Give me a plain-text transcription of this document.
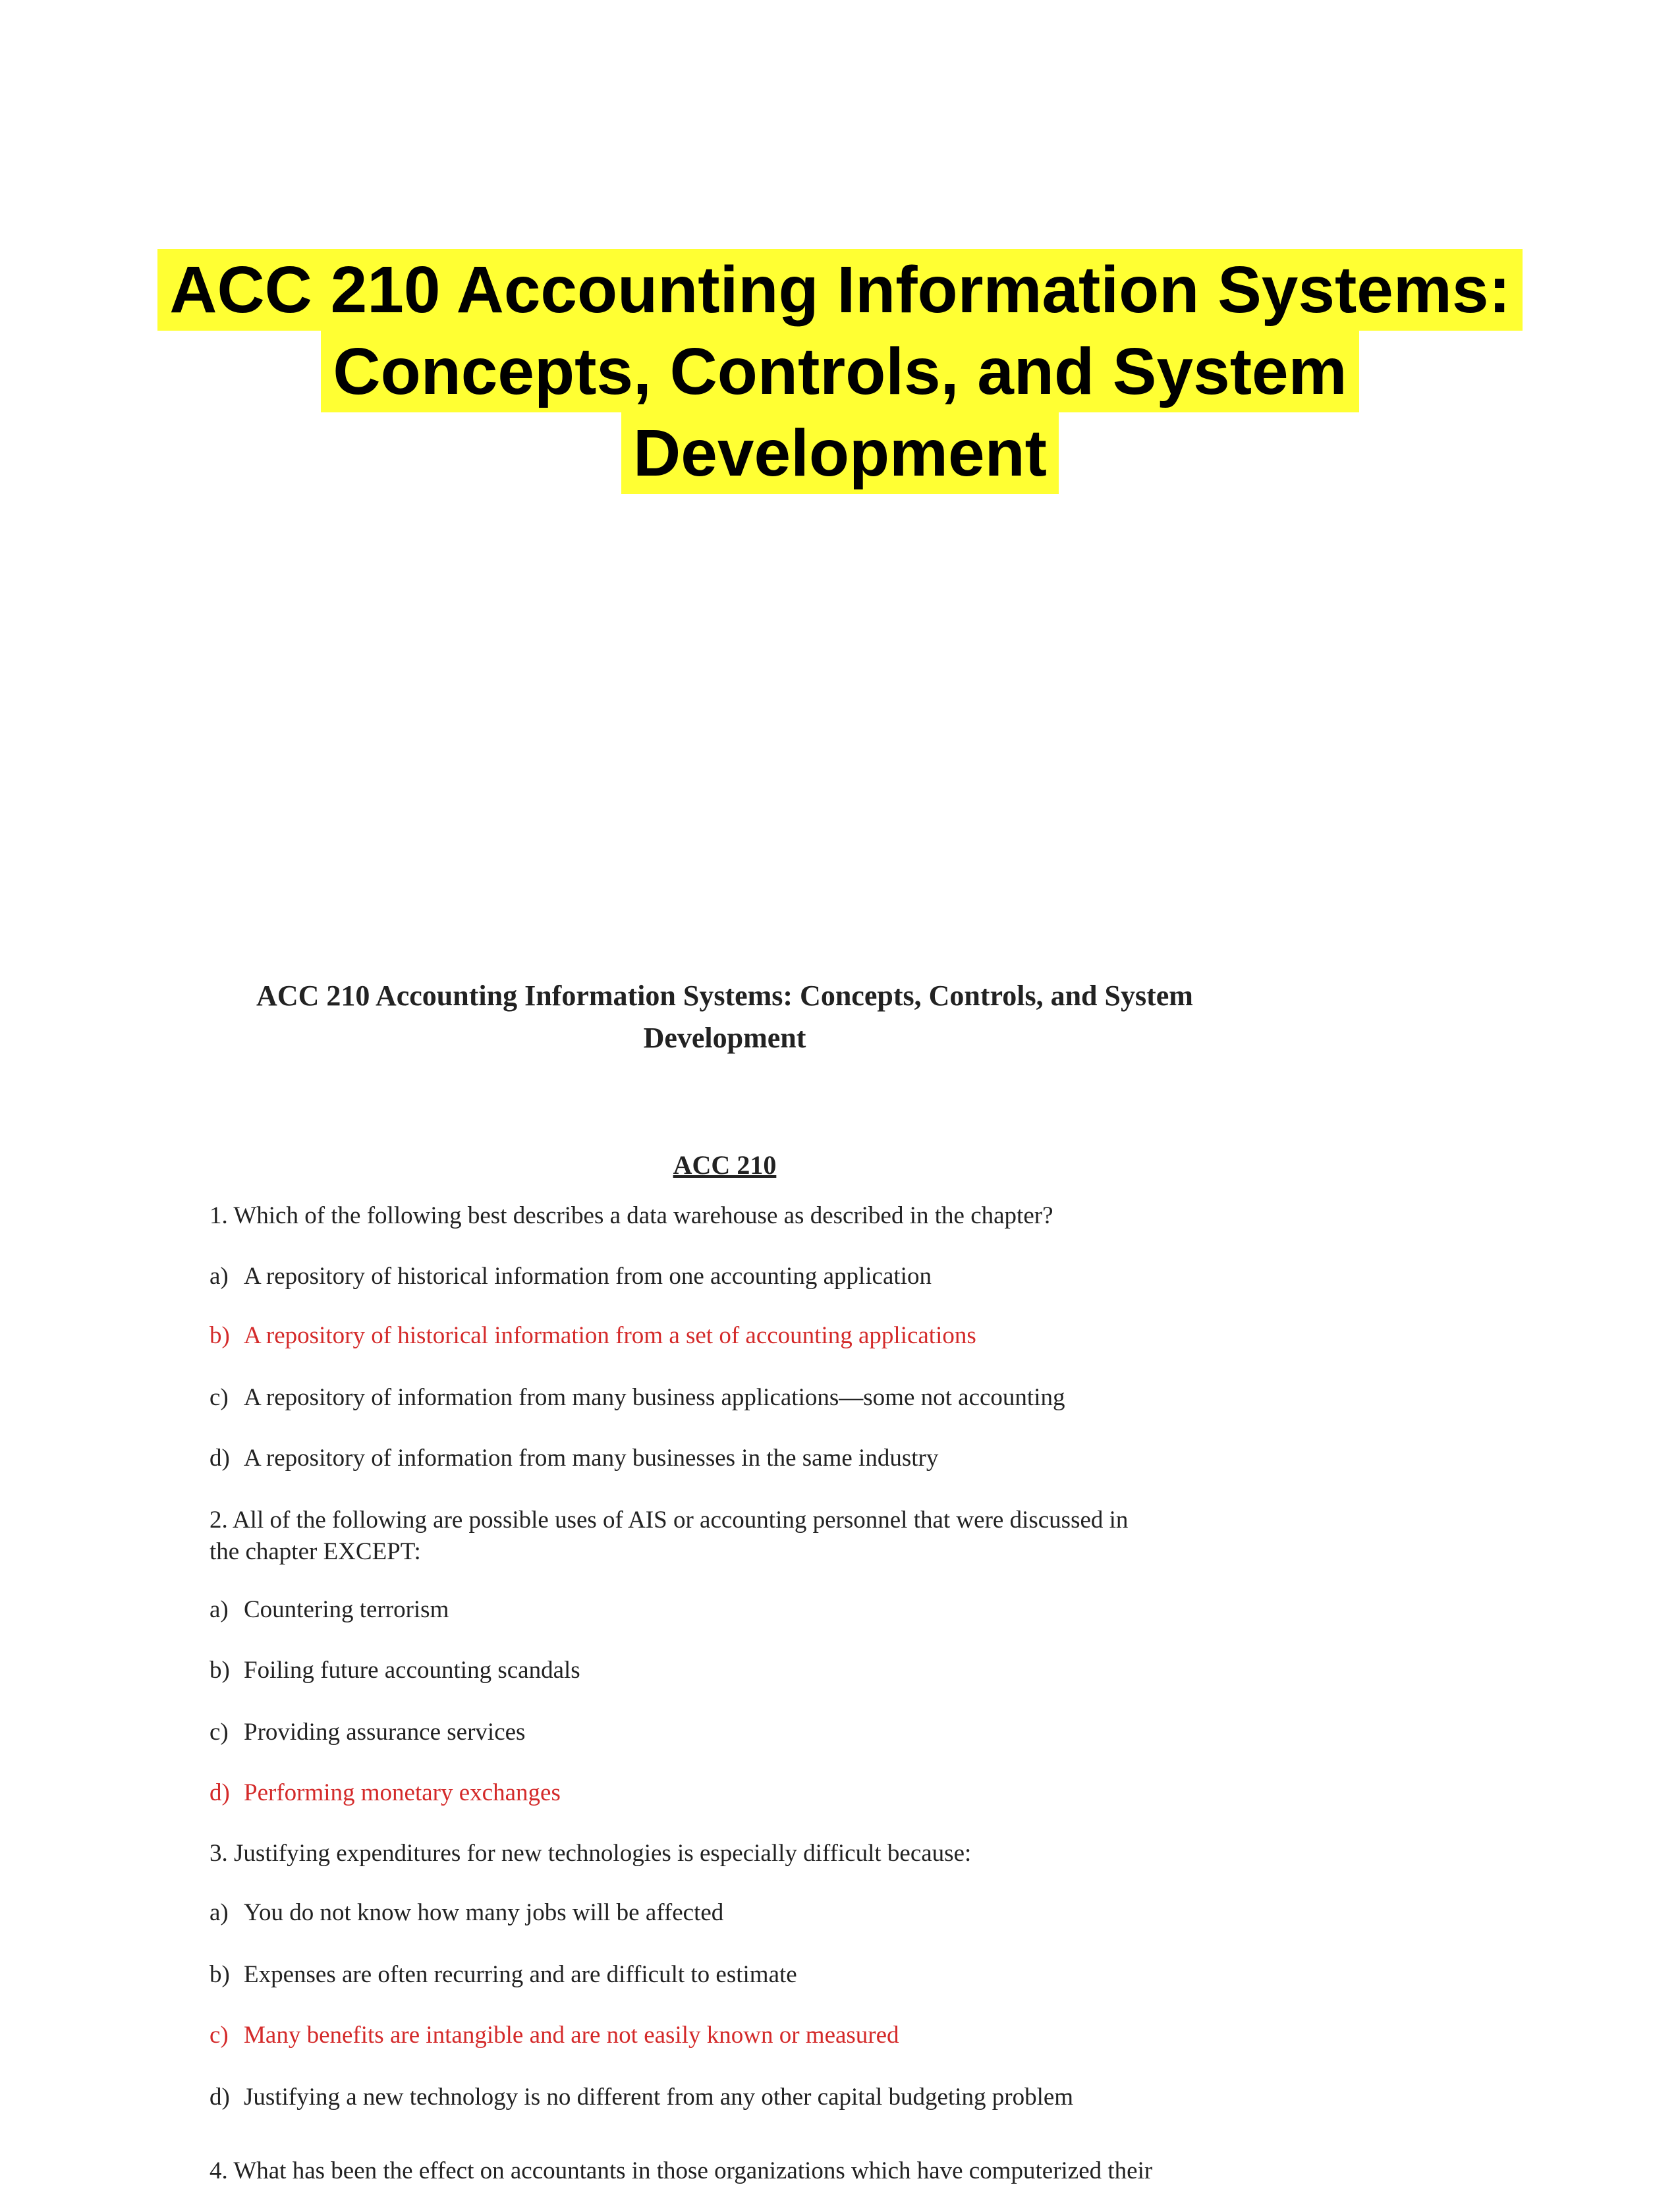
ACC 210 Accounting Information Systems:
Concepts, Controls, and System
Development
ACC 210 Accounting Information Systems: Concepts, Controls, and System
Development
ACC 210
1. Which of the following best describes a data warehouse as described in the chapter?
a) A repository of historical information from one accounting application
b) A repository of historical information from a set of accounting applications
c) A repository of information from many business applications—some not accounting
d) A repository of information from many businesses in the same industry
2. All of the following are possible uses of AIS or accounting personnel that were discussed in
the chapter EXCEPT:
a) Countering terrorism
b) Foiling future accounting scandals
c) Providing assurance services
d) Performing monetary exchanges
3. Justifying expenditures for new technologies is especially difficult because:
a) You do not know how many jobs will be affected
b) Expenses are often recurring and are difficult to estimate
c) Many benefits are intangible and are not easily known or measured
d) Justifying a new technology is no different from any other capital budgeting problem
4. What has been the effect on accountants in those organizations which have computerized their
